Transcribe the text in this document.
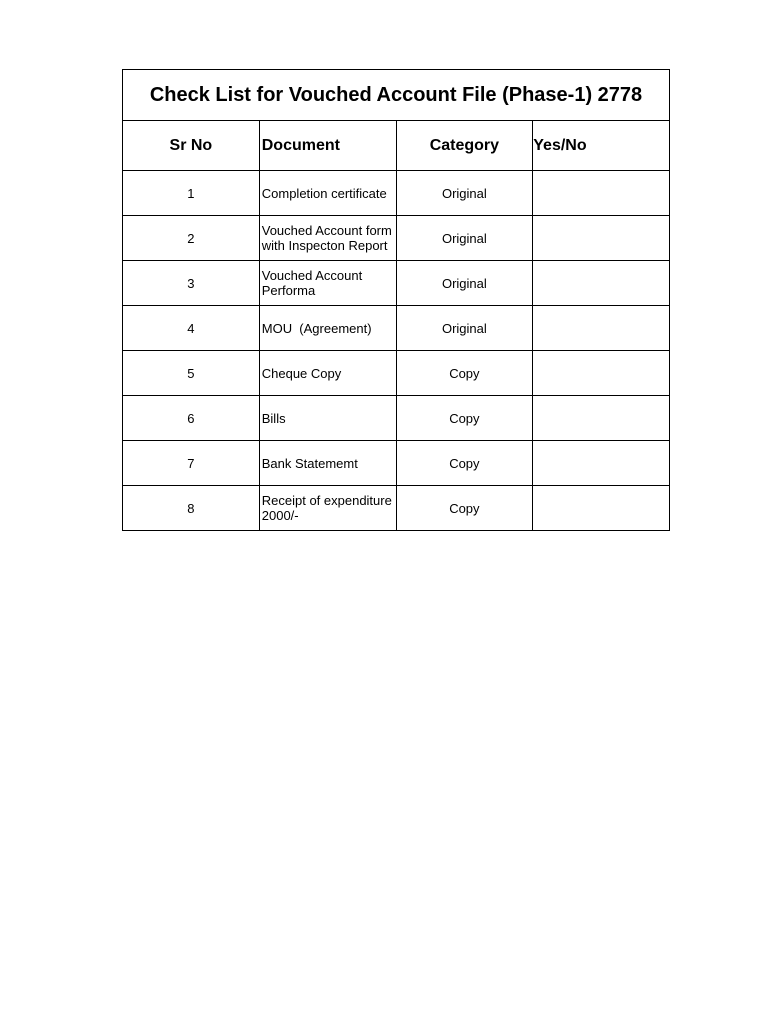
Check List for Vouched Account File (Phase-1) 2778			
Sr No	Document	Category	Yes/No
1	Completion certificate	Original	
2	Vouched Account form with Inspecton Report	Original	
3	Vouched Account Performa	Original	
4	MOU  (Agreement)	Original	
5	Cheque Copy	Copy	
6	Bills	Copy	
7	Bank Statememt	Copy	
8	Receipt of expenditure 2000/-	Copy	
